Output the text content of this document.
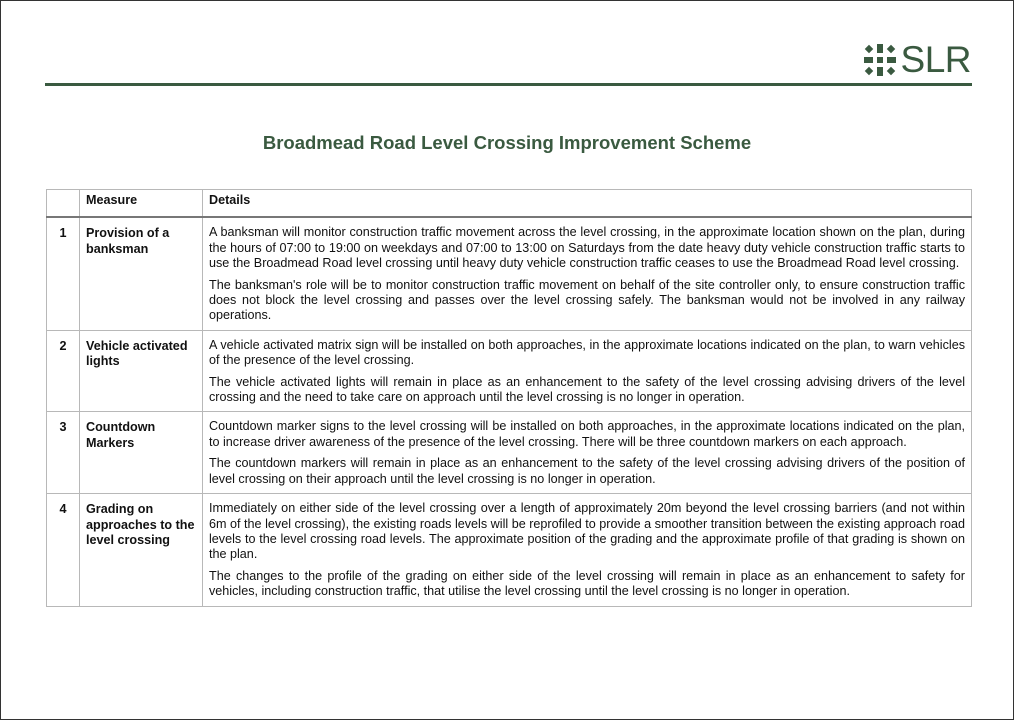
SLR
Broadmead Road Level Crossing Improvement Scheme
	Measure	Details
1	Provision of a banksman	A banksman will monitor construction traffic movement across the level crossing, in the approximate location shown on the plan, during the hours of 07:00 to 19:00 on weekdays and 07:00 to 13:00 on Saturdays from the date heavy duty vehicle construction traffic starts to use the Broadmead Road level crossing until heavy duty vehicle construction traffic ceases to use the Broadmead Road level crossing.

The banksman's role will be to monitor construction traffic movement on behalf of the site controller only, to ensure construction traffic does not block the level crossing and passes over the level crossing safely. The banksman would not be involved in any railway operations.

2	Vehicle activated lights	A vehicle activated matrix sign will be installed on both approaches, in the approximate locations indicated on the plan, to warn vehicles of the presence of the level crossing.

The vehicle activated lights will remain in place as an enhancement to the safety of the level crossing advising drivers of the level crossing and the need to take care on approach until the level crossing is no longer in operation.

3	Countdown Markers	Countdown marker signs to the level crossing will be installed on both approaches, in the approximate locations indicated on the plan, to increase driver awareness of the presence of the level crossing. There will be three countdown markers on each approach.

The countdown markers will remain in place as an enhancement to the safety of the level crossing advising drivers of the position of level crossing on their approach until the level crossing is no longer in operation.

4	Grading on approaches to the level crossing	Immediately on either side of the level crossing over a length of approximately 20m beyond the level crossing barriers (and not within 6m of the level crossing), the existing roads levels will be reprofiled to provide a smoother transition between the existing approach road levels to the level crossing road levels. The approximate position of the grading and the approximate profile of that grading is shown on the plan.

The changes to the profile of the grading on either side of the level crossing will remain in place as an enhancement to safety for vehicles, including construction traffic, that utilise the level crossing until the level crossing is no longer in operation.
